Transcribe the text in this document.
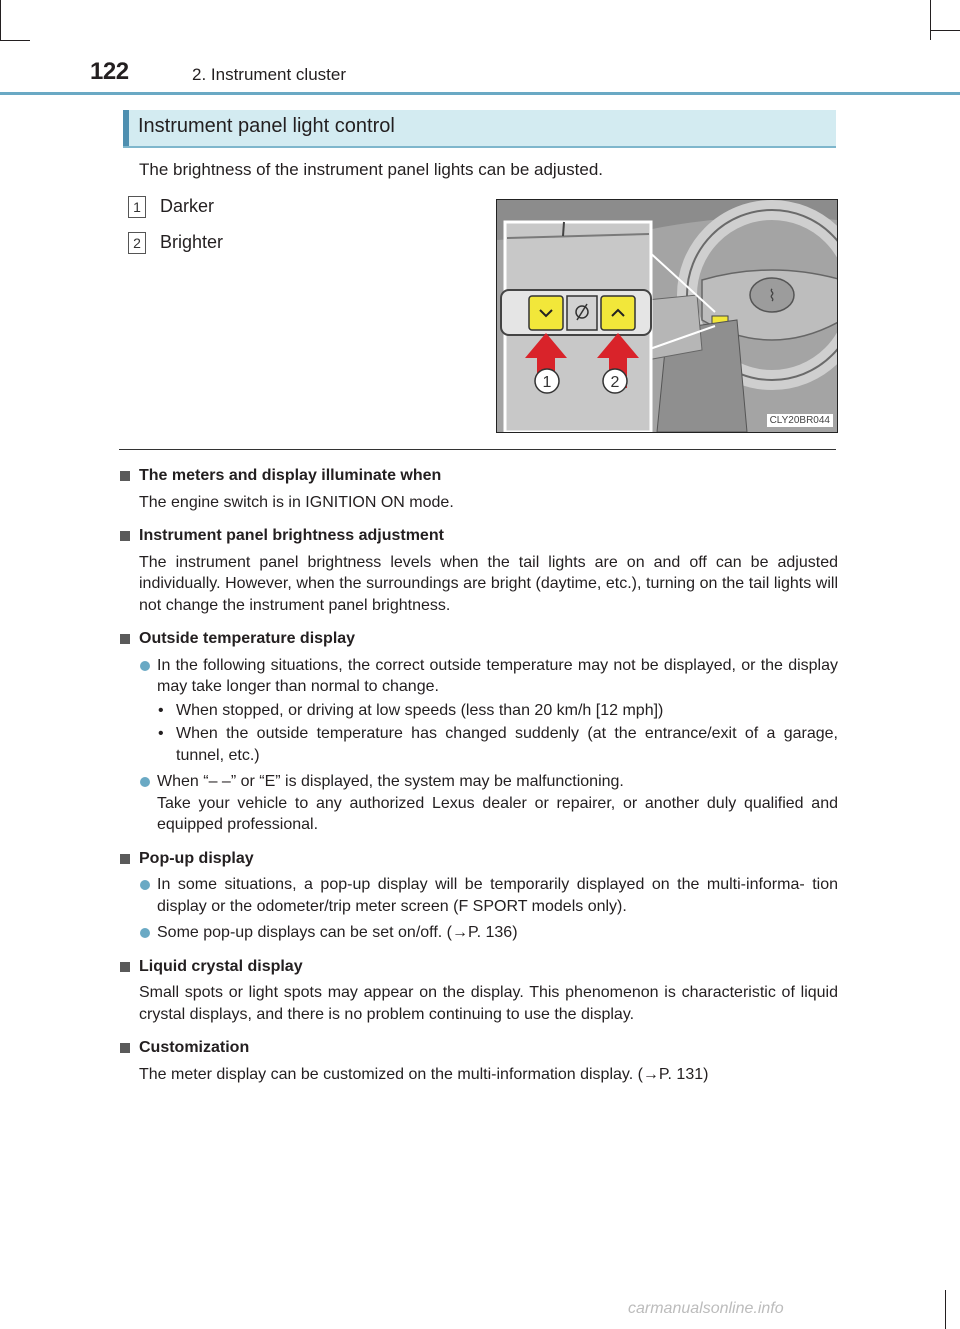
122	2. Instrument cluster
Instrument panel light control
The brightness of the instrument panel lights can be adjusted.
1 Darker
2 Brighter
⌇
1	2
CLY20BR044
The meters and display illuminate when
The engine switch is in IGNITION ON mode.
Instrument panel brightness adjustment
The instrument panel brightness levels when the tail lights are on and off can be adjusted individually. However, when the surroundings are bright (daytime, etc.), turning on the tail lights will not change the instrument panel brightness.
Outside temperature display
In the following situations, the correct outside temperature may not be displayed, or the display may take longer than normal to change.
• When stopped, or driving at low speeds (less than 20 km/h [12 mph])
• When the outside temperature has changed suddenly (at the entrance/exit of a garage, tunnel, etc.)
When “– –” or “E” is displayed, the system may be malfunctioning.
Take your vehicle to any authorized Lexus dealer or repairer, or another duly qualified and equipped professional.
Pop-up display
In some situations, a pop-up display will be temporarily displayed on the multi-informa- tion display or the odometer/trip meter screen (F SPORT models only).
Some pop-up displays can be set on/off. (→P. 136)
Liquid crystal display
Small spots or light spots may appear on the display. This phenomenon is characteristic of liquid crystal displays, and there is no problem continuing to use the display.
Customization
The meter display can be customized on the multi-information display. (→P. 131)
carmanualsonline.info
